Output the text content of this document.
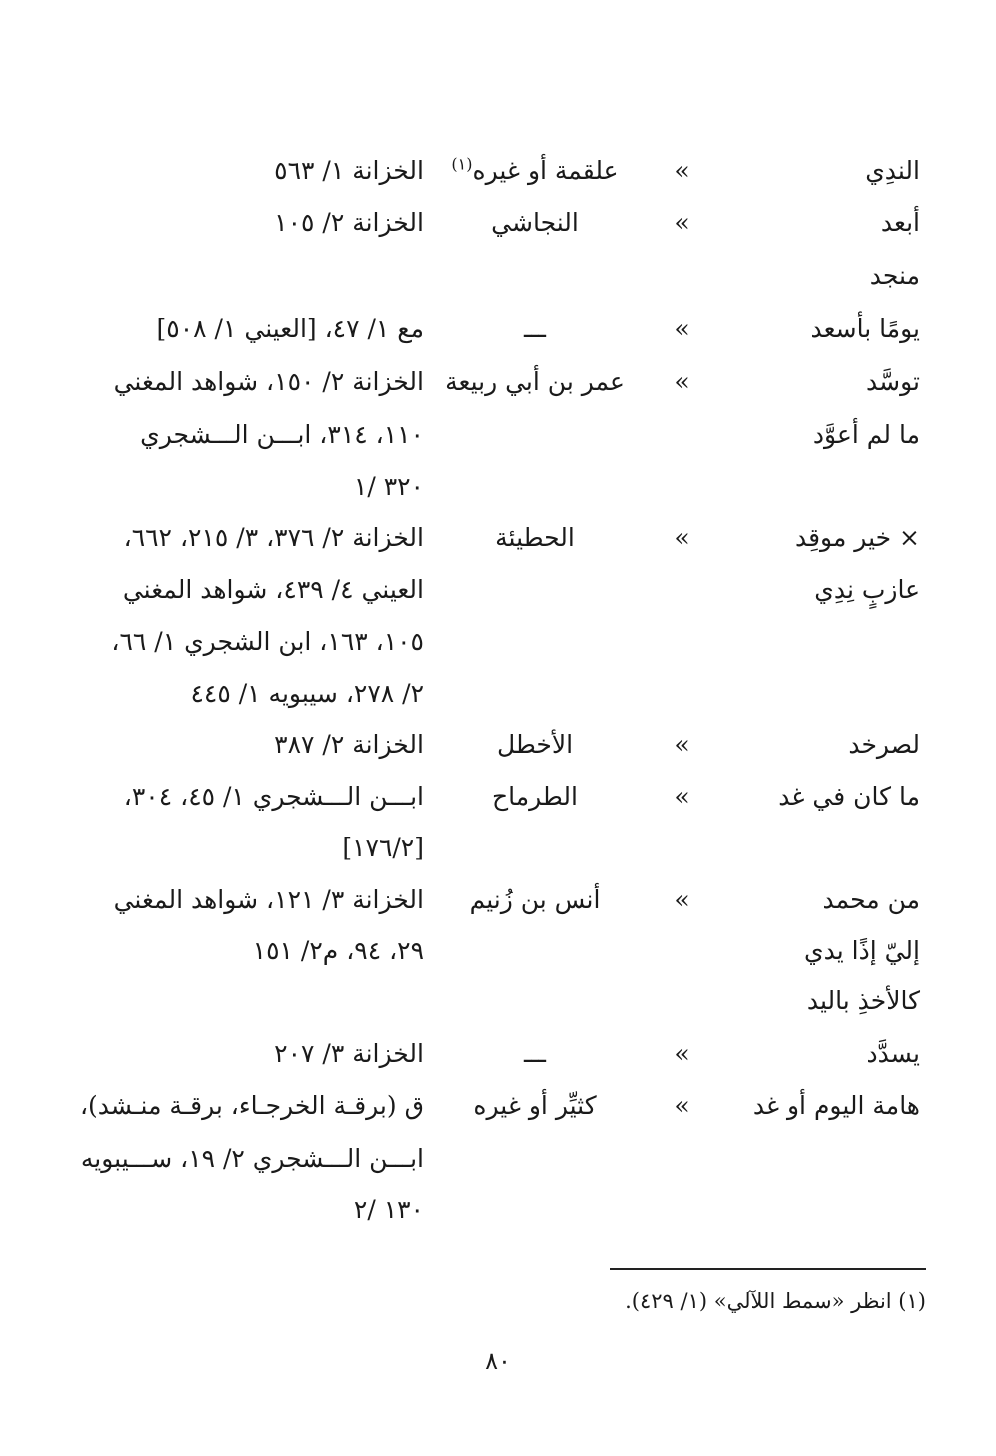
الندِي
»
علقمة أو غيره$^{(١)}$
الخزانة ١/ ٥٦٣
أبعد
»
النجاشي
الخزانة ٢/ ١٠٥
منجد
يومًا بأسعد
»
ـــ
مع ١/ ٤٧، [العيني ١/ ٥٠٨]
توسَّد
»
عمر بن أبي ربيعة
الخزانة ٢/ ١٥٠، شواهد المغني
ما لم أعوَّد
١١٠، ٣١٤، ابـــن الـــشجري
٣٢٠ /١
× خير موقِد
»
الحطيئة
الخزانة ٢/ ٣٧٦، ٣/ ٢١٥، ٦٦٢،
عازبٍ نِدِي
العيني ٤/ ٤٣٩، شواهد المغني
١٠٥، ١٦٣، ابن الشجري ١/ ٦٦،
٢/ ٢٧٨، سيبويه ١/ ٤٤٥
لصرخد
»
الأخطل
الخزانة ٢/ ٣٨٧
ما كان في غد
»
الطرماح
ابـــن الـــشجري ١/ ٤٥، ٣٠٤،
[١٧٦/٢]
من محمد
»
أنس بن زُنيم
الخزانة ٣/ ١٢١، شواهد المغني
إليّ إذًا يدي
٢٩، ٩٤، م٢/ ١٥١
كالأخذِ باليد
يسدَّد
»
ـــ
الخزانة ٣/ ٢٠٧
هامة اليوم أو غد
»
كثيِّر أو غيره
ق (برقـة الخرجـاء، برقـة منـشد)،
ابـــن الـــشجري ٢/ ١٩، ســـيبويه
١٣٠ /٢
(١) انظر «سمط اللآلي» (١/ ٤٢٩).
٨٠
